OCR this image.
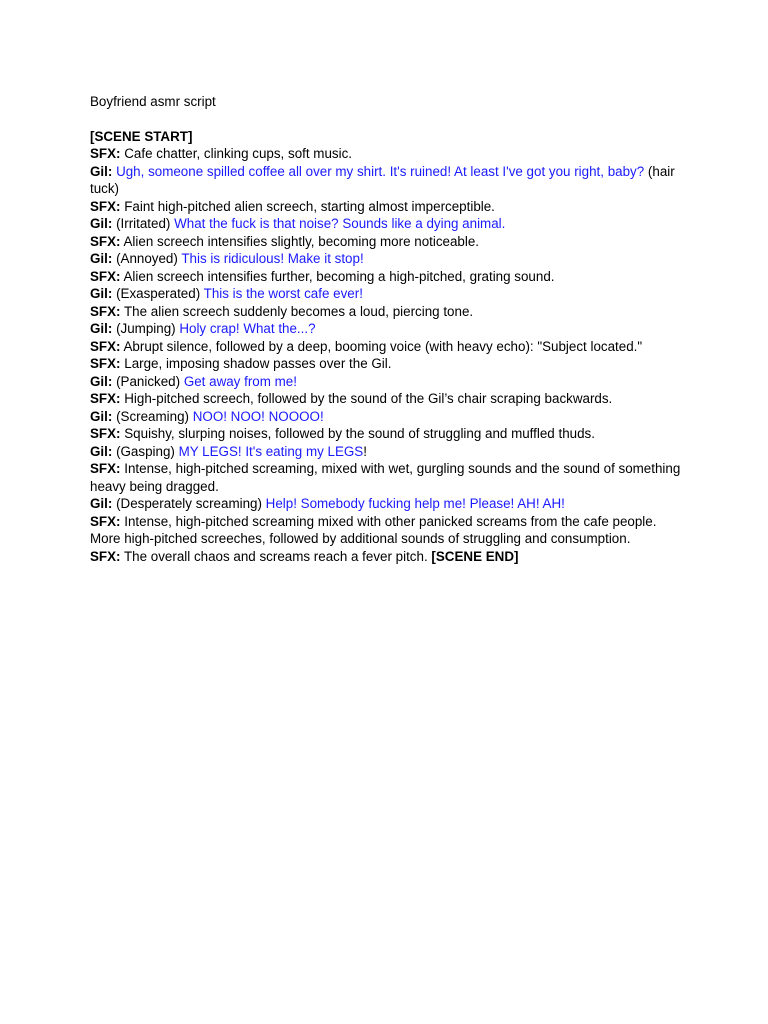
Boyfriend asmr script

[SCENE START]

SFX: Cafe chatter, clinking cups, soft music.

Gil: Ugh, someone spilled coffee all over my shirt. It's ruined! At least I've got you right, baby? (hair tuck)

SFX: Faint high-pitched alien screech, starting almost imperceptible.

Gil: (Irritated) What the fuck is that noise? Sounds like a dying animal.

SFX: Alien screech intensifies slightly, becoming more noticeable.

Gil: (Annoyed) This is ridiculous! Make it stop!

SFX: Alien screech intensifies further, becoming a high-pitched, grating sound.

Gil: (Exasperated) This is the worst cafe ever!

SFX: The alien screech suddenly becomes a loud, piercing tone.

Gil: (Jumping) Holy crap! What the...?

SFX: Abrupt silence, followed by a deep, booming voice (with heavy echo): "Subject located."

SFX: Large, imposing shadow passes over the Gil.

Gil: (Panicked) Get away from me!

SFX: High-pitched screech, followed by the sound of the Gil’s chair scraping backwards.

Gil: (Screaming) NOO! NOO! NOOOO!

SFX: Squishy, slurping noises, followed by the sound of struggling and muffled thuds.

Gil: (Gasping) MY LEGS! It's eating my LEGS!

SFX: Intense, high-pitched screaming, mixed with wet, gurgling sounds and the sound of something heavy being dragged.

Gil: (Desperately screaming) Help! Somebody fucking help me! Please! AH! AH!

SFX: Intense, high-pitched screaming mixed with other panicked screams from the cafe people. More high-pitched screeches, followed by additional sounds of struggling and consumption.

SFX: The overall chaos and screams reach a fever pitch. [SCENE END]
